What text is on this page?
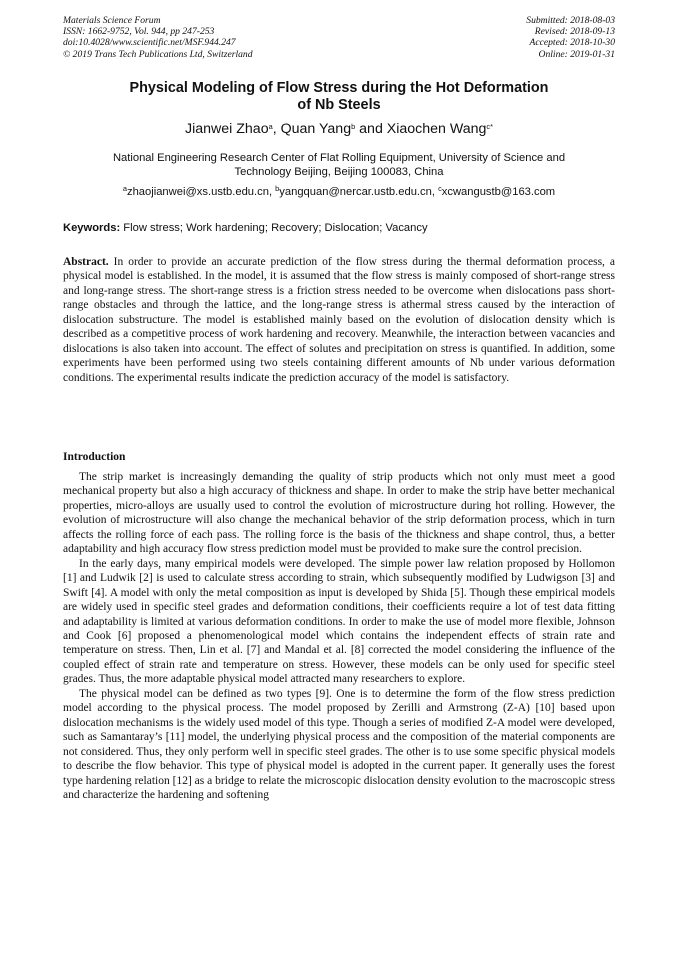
Materials Science Forum
ISSN: 1662-9752, Vol. 944, pp 247-253
doi:10.4028/www.scientific.net/MSF.944.247
© 2019 Trans Tech Publications Ltd, Switzerland
Submitted: 2018-08-03
Revised: 2018-09-13
Accepted: 2018-10-30
Online: 2019-01-31
Physical Modeling of Flow Stress during the Hot Deformation
of Nb Steels
Jianwei Zhao$^a$, Quan Yang$^b$ and Xiaochen Wang$^{c*}$
National Engineering Research Center of Flat Rolling Equipment, University of Science and
Technology Beijing, Beijing 100083, China
$^a$zhaojianwei@xs.ustb.edu.cn, $^b$yangquan@nercar.ustb.edu.cn, $^c$xcwangustb@163.com
Keywords: Flow stress; Work hardening; Recovery; Dislocation; Vacancy
Abstract. In order to provide an accurate prediction of the flow stress during the thermal deformation process, a physical model is established. In the model, it is assumed that the flow stress is mainly composed of short-range stress and long-range stress. The short-range stress is a friction stress needed to be overcome when dislocations pass short-range obstacles and through the lattice, and the long-range stress is athermal stress caused by the interaction of dislocation substructure. The model is established mainly based on the evolution of dislocation density which is described as a competitive process of work hardening and recovery. Meanwhile, the interaction between vacancies and dislocations is also taken into account. The effect of solutes and precipitation on stress is quantified. In addition, some experiments have been performed using two steels containing different amounts of Nb under various deformation conditions. The experimental results indicate the prediction accuracy of the model is satisfactory.
Introduction

The strip market is increasingly demanding the quality of strip products which not only must meet a good mechanical property but also a high accuracy of thickness and shape. In order to make the strip have better mechanical properties, micro-alloys are usually used to control the evolution of microstructure during hot rolling. However, the evolution of microstructure will also change the mechanical behavior of the strip deformation process, which in turn affects the rolling force of each pass. The rolling force is the basis of the thickness and shape control, thus, a better adaptability and high accuracy flow stress prediction model must be provided to make sure the control precision.

In the early days, many empirical models were developed. The simple power law relation proposed by Hollomon [1] and Ludwik [2] is used to calculate stress according to strain, which subsequently modified by Ludwigson [3] and Swift [4]. A model with only the metal composition as input is developed by Shida [5]. Though these empirical models are widely used in specific steel grades and deformation conditions, their coefficients require a lot of test data fitting and adaptability is limited at various deformation conditions. In order to make the use of model more flexible, Johnson and Cook [6] proposed a phenomenological model which contains the independent effects of strain rate and temperature on stress. Then, Lin et al. [7] and Mandal et al. [8] corrected the model considering the influence of the coupled effect of strain rate and temperature on stress. However, these models can be only used for specific steel grades. Thus, the more adaptable physical model attracted many researchers to explore.

The physical model can be defined as two types [9]. One is to determine the form of the flow stress prediction model according to the physical process. The model proposed by Zerilli and Armstrong (Z-A) [10] based upon dislocation mechanisms is the widely used model of this type. Though a series of modified Z-A model were developed, such as Samantaray’s [11] model, the underlying physical process and the composition of the material components are not considered. Thus, they only perform well in specific steel grades. The other is to use some specific physical models to describe the flow behavior. This type of physical model is adopted in the current paper. It generally uses the forest type hardening relation [12] as a bridge to relate the microscopic dislocation density evolution to the macroscopic stress and characterize the hardening and softening
